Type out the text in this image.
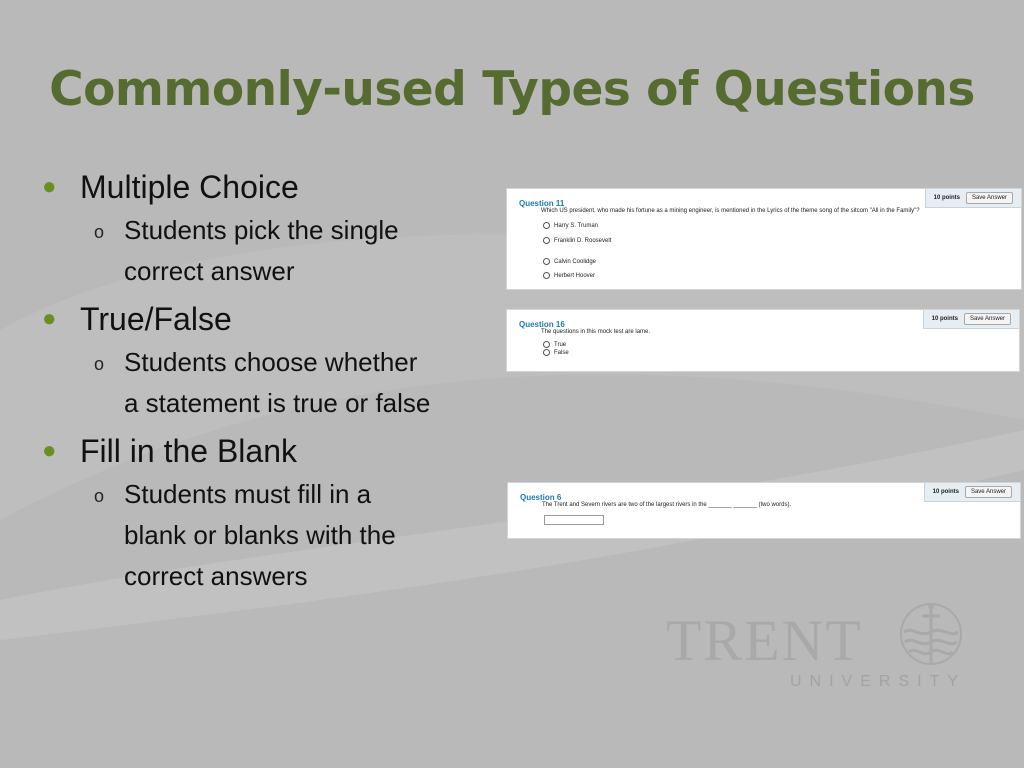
Commonly-used Types of Questions
● Multiple Choice
o Students pick the single
correct answer
● True/False
o Students choose whether
a statement is true or false
● Fill in the Blank
o Students must fill in a
blank or blanks with the
correct answers
Question 11
Which US president, who made his fortune as a mining engineer, is mentioned in the Lyrics of the theme song of the sitcom "All in the Family"?
10 points	Save Answer
Harry S. Truman
Franklin D. Roosevelt
Calvin Coolidge
Herbert Hoover
Question 16
The questions in this mock test are lame.
10 points	Save Answer
True
False
Question 6
The Trent and Severn rivers are two of the largest rivers in the _______ _______ (two words).
10 points	Save Answer
TRENT
UNIVERSITY
